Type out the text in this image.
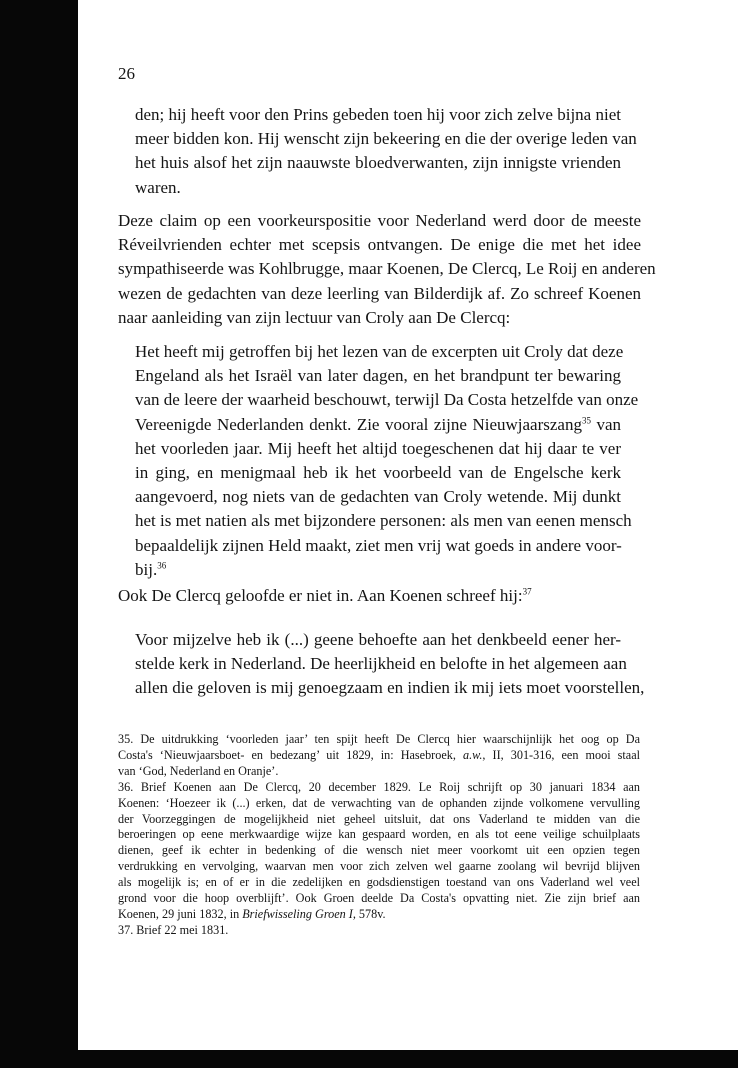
26
den; hij heeft voor den Prins gebeden toen hij voor zich zelve bijna niet
meer bidden kon. Hij wenscht zijn bekeering en die der overige leden van
het huis alsof het zijn naauwste bloedverwanten, zijn innigste vrienden
waren.
Deze claim op een voorkeurspositie voor Nederland werd door de meeste
Réveilvrienden echter met scepsis ontvangen. De enige die met het idee
sympathiseerde was Kohlbrugge, maar Koenen, De Clercq, Le Roij en anderen
wezen de gedachten van deze leerling van Bilderdijk af. Zo schreef Koenen
naar aanleiding van zijn lectuur van Croly aan De Clercq:
Het heeft mij getroffen bij het lezen van de excerpten uit Croly dat deze
Engeland als het Israël van later dagen, en het brandpunt ter bewaring
van de leere der waarheid beschouwt, terwijl Da Costa hetzelfde van onze
Vereenigde Nederlanden denkt. Zie vooral zijne Nieuwjaarszang$^{35}$ van
het voorleden jaar. Mij heeft het altijd toegeschenen dat hij daar te ver
in ging, en menigmaal heb ik het voorbeeld van de Engelsche kerk
aangevoerd, nog niets van de gedachten van Croly wetende. Mij dunkt
het is met natien als met bijzondere personen: als men van eenen mensch
bepaaldelijk zijnen Held maakt, ziet men vrij wat goeds in andere voor-
bij.$^{36}$
Ook De Clercq geloofde er niet in. Aan Koenen schreef hij:$^{37}$
Voor mijzelve heb ik (...) geene behoefte aan het denkbeeld eener her-
stelde kerk in Nederland. De heerlijkheid en belofte in het algemeen aan
allen die geloven is mij genoegzaam en indien ik mij iets moet voorstellen,
35. De uitdrukking ‘voorleden jaar’ ten spijt heeft De Clercq hier waarschijnlijk het oog op Da
Costa's ‘Nieuwjaarsboet- en bedezang’ uit 1829, in: Hasebroek, a.w., II, 301-316, een mooi staal
van ‘God, Nederland en Oranje’.
36. Brief Koenen aan De Clercq, 20 december 1829. Le Roij schrijft op 30 januari 1834 aan
Koenen: ‘Hoezeer ik (...) erken, dat de verwachting van de ophanden zijnde volkomene vervulling
der Voorzeggingen de mogelijkheid niet geheel uitsluit, dat ons Vaderland te midden van die
beroeringen op eene merkwaardige wijze kan gespaard worden, en als tot eene veilige schuilplaats
dienen, geef ik echter in bedenking of die wensch niet meer voorkomt uit een opzien tegen
verdrukking en vervolging, waarvan men voor zich zelven wel gaarne zoolang wil bevrijd blijven
als mogelijk is; en of er in die zedelijken en godsdienstigen toestand van ons Vaderland wel veel
grond voor die hoop overblijft’. Ook Groen deelde Da Costa's opvatting niet. Zie zijn brief aan
Koenen, 29 juni 1832, in Briefwisseling Groen I, 578v.
37. Brief 22 mei 1831.
